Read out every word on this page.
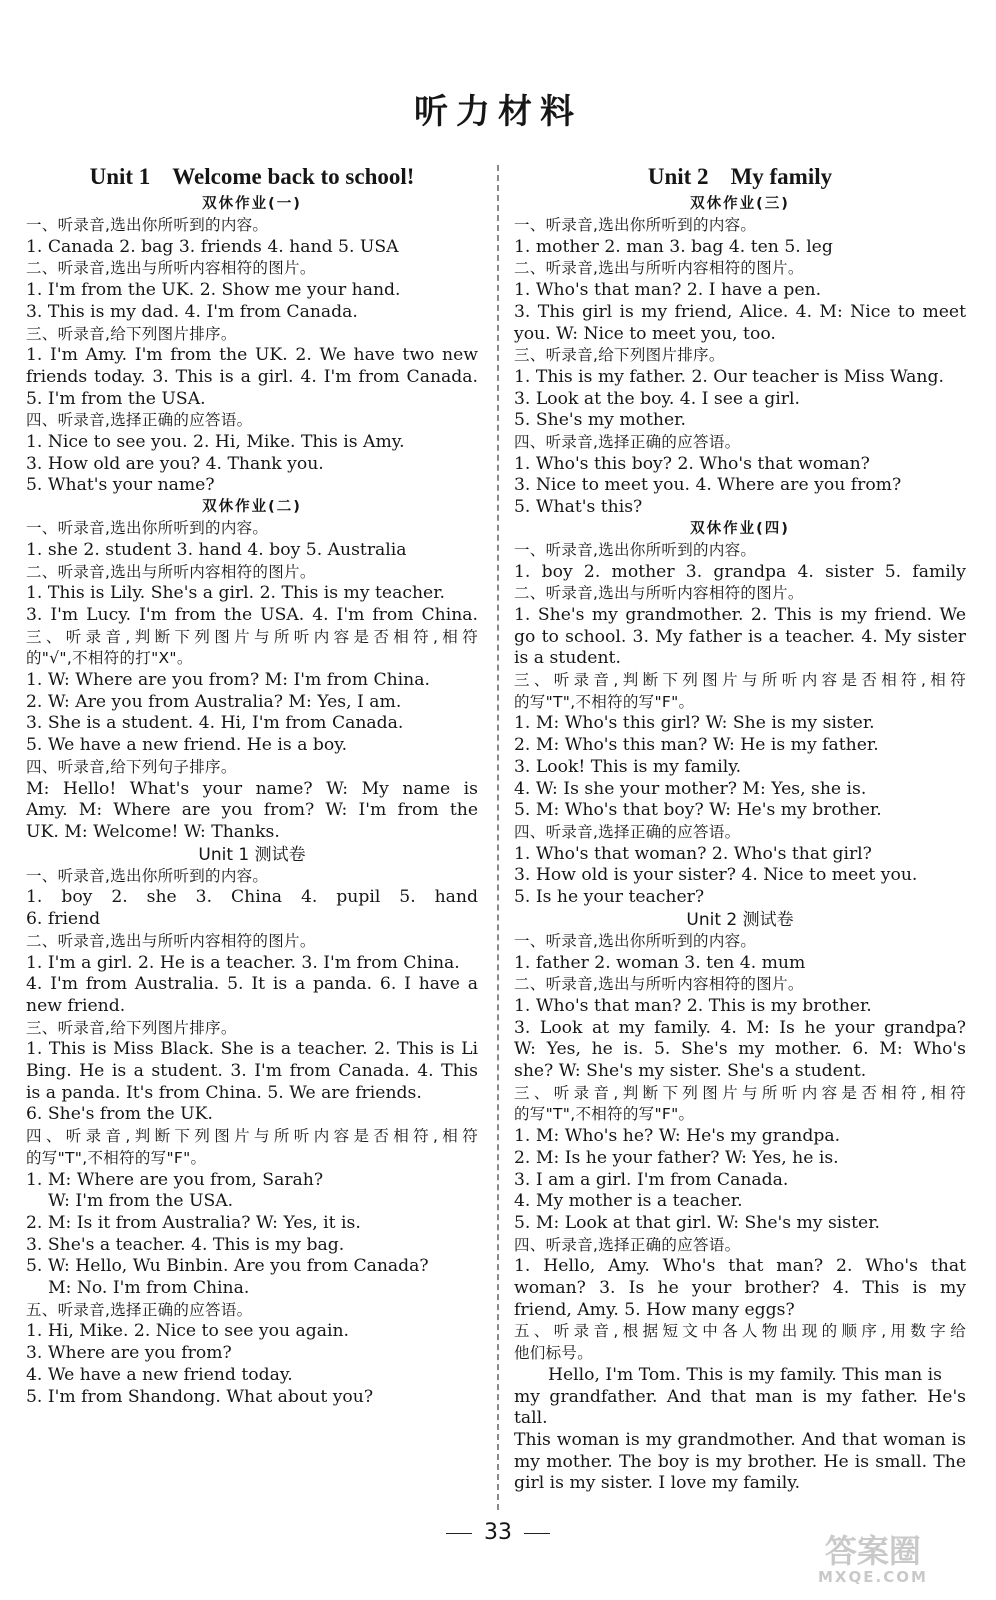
听力材料
Unit 1 Welcome back to school!
双休作业(一)
一、听录音,选出你所听到的内容。
1. Canada 2. bag 3. friends 4. hand 5. USA
二、听录音,选出与所听内容相符的图片。
1. I'm from the UK. 2. Show me your hand.
3. This is my dad. 4. I'm from Canada.
三、听录音,给下列图片排序。
1. I'm Amy. I'm from the UK. 2. We have two new
friends today. 3. This is a girl. 4. I'm from Canada.
5. I'm from the USA.
四、听录音,选择正确的应答语。
1. Nice to see you. 2. Hi, Mike. This is Amy.
3. How old are you? 4. Thank you.
5. What's your name?
双休作业(二)
一、听录音,选出你所听到的内容。
1. she 2. student 3. hand 4. boy 5. Australia
二、听录音,选出与所听内容相符的图片。
1. This is Lily. She's a girl. 2. This is my teacher.
3. I'm Lucy. I'm from the USA. 4. I'm from China.
三、听录音,判断下列图片与所听内容是否相符,相符
的"√",不相符的打"X"。
1. W: Where are you from? M: I'm from China.
2. W: Are you from Australia? M: Yes, I am.
3. She is a student. 4. Hi, I'm from Canada.
5. We have a new friend. He is a boy.
四、听录音,给下列句子排序。
M: Hello! What's your name? W: My name is
Amy. M: Where are you from? W: I'm from the
UK. M: Welcome! W: Thanks.
Unit 1 测试卷
一、听录音,选出你所听到的内容。
1. boy 2. she 3. China 4. pupil 5. hand
6. friend
二、听录音,选出与所听内容相符的图片。
1. I'm a girl. 2. He is a teacher. 3. I'm from China.
4. I'm from Australia. 5. It is a panda. 6. I have a
new friend.
三、听录音,给下列图片排序。
1. This is Miss Black. She is a teacher. 2. This is Li
Bing. He is a student. 3. I'm from Canada. 4. This
is a panda. It's from China. 5. We are friends.
6. She's from the UK.
四、听录音,判断下列图片与所听内容是否相符,相符
的写"T",不相符的写"F"。
1. M: Where are you from, Sarah?
W: I'm from the USA.
2. M: Is it from Australia? W: Yes, it is.
3. She's a teacher. 4. This is my bag.
5. W: Hello, Wu Binbin. Are you from Canada?
M: No. I'm from China.
五、听录音,选择正确的应答语。
1. Hi, Mike. 2. Nice to see you again.
3. Where are you from?
4. We have a new friend today.
5. I'm from Shandong. What about you?
Unit 2 My family
双休作业(三)
一、听录音,选出你所听到的内容。
1. mother 2. man 3. bag 4. ten 5. leg
二、听录音,选出与所听内容相符的图片。
1. Who's that man? 2. I have a pen.
3. This girl is my friend, Alice. 4. M: Nice to meet
you. W: Nice to meet you, too.
三、听录音,给下列图片排序。
1. This is my father. 2. Our teacher is Miss Wang.
3. Look at the boy. 4. I see a girl.
5. She's my mother.
四、听录音,选择正确的应答语。
1. Who's this boy? 2. Who's that woman?
3. Nice to meet you. 4. Where are you from?
5. What's this?
双休作业(四)
一、听录音,选出你所听到的内容。
1. boy 2. mother 3. grandpa 4. sister 5. family
二、听录音,选出与所听内容相符的图片。
1. She's my grandmother. 2. This is my friend. We
go to school. 3. My father is a teacher. 4. My sister
is a student.
三、听录音,判断下列图片与所听内容是否相符,相符
的写"T",不相符的写"F"。
1. M: Who's this girl? W: She is my sister.
2. M: Who's this man? W: He is my father.
3. Look! This is my family.
4. W: Is she your mother? M: Yes, she is.
5. M: Who's that boy? W: He's my brother.
四、听录音,选择正确的应答语。
1. Who's that woman? 2. Who's that girl?
3. How old is your sister? 4. Nice to meet you.
5. Is he your teacher?
Unit 2 测试卷
一、听录音,选出你所听到的内容。
1. father 2. woman 3. ten 4. mum
二、听录音,选出与所听内容相符的图片。
1. Who's that man? 2. This is my brother.
3. Look at my family. 4. M: Is he your grandpa?
W: Yes, he is. 5. She's my mother. 6. M: Who's
she? W: She's my sister. She's a student.
三、听录音,判断下列图片与所听内容是否相符,相符
的写"T",不相符的写"F"。
1. M: Who's he? W: He's my grandpa.
2. M: Is he your father? W: Yes, he is.
3. I am a girl. I'm from Canada.
4. My mother is a teacher.
5. M: Look at that girl. W: She's my sister.
四、听录音,选择正确的应答语。
1. Hello, Amy. Who's that man? 2. Who's that
woman? 3. Is he your brother? 4. This is my
friend, Amy. 5. How many eggs?
五、听录音,根据短文中各人物出现的顺序,用数字给
他们标号。
Hello, I'm Tom. This is my family. This man is
my grandfather. And that man is my father. He's tall.
This woman is my grandmother. And that woman is
my mother. The boy is my brother. He is small. The
girl is my sister. I love my family.
33	答案圈
MXQE.COM
